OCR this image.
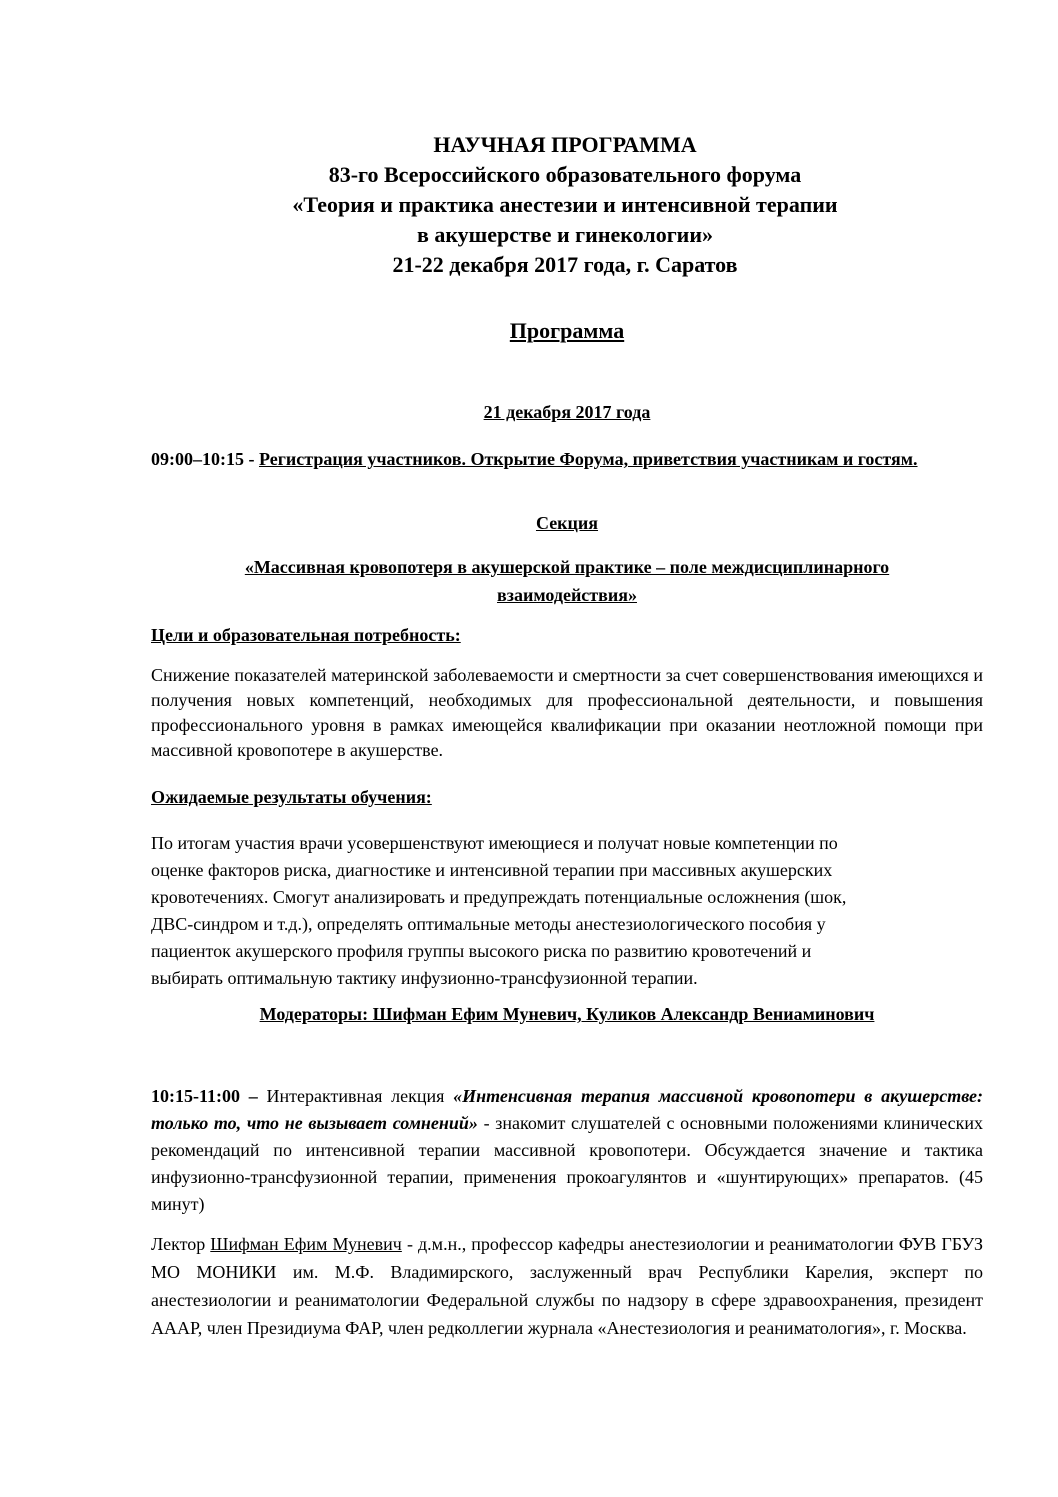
НАУЧНАЯ ПРОГРАММА
83-го Всероссийского образовательного форума
«Теория и практика анестезии и интенсивной терапии
в акушерстве и гинекологии»
21-22 декабря 2017 года, г. Саратов
Программа
21 декабря 2017 года
09:00–10:15 - Регистрация участников. Открытие Форума, приветствия участникам и гостям.
Секция
«Массивная кровопотеря в акушерской практике – поле междисциплинарного взаимодействия»
Цели и образовательная потребность:
Снижение показателей материнской заболеваемости и смертности за счет совершенствования имеющихся и получения новых компетенций, необходимых для профессиональной деятельности, и повышения профессионального уровня в рамках имеющейся квалификации при оказании неотложной помощи при массивной кровопотере в акушерстве.
Ожидаемые результаты обучения:
По итогам участия врачи усовершенствуют имеющиеся и получат новые компетенции по
оценке факторов риска, диагностике и интенсивной терапии при массивных акушерских
кровотечениях. Смогут анализировать и предупреждать потенциальные осложнения (шок,
ДВС-синдром и т.д.), определять оптимальные методы анестезиологического пособия у
пациенток акушерского профиля группы высокого риска по развитию кровотечений и
выбирать оптимальную тактику инфузионно-трансфузионной терапии.
Модераторы: Шифман Ефим Муневич, Куликов Александр Вениаминович
10:15-11:00 – Интерактивная лекция «Интенсивная терапия массивной кровопотери в акушерстве: только то, что не вызывает сомнений» - знакомит слушателей с основными положениями клинических рекомендаций по интенсивной терапии массивной кровопотери. Обсуждается значение и тактика инфузионно-трансфузионной терапии, применения прокоагулянтов и «шунтирующих» препаратов. (45 минут)
Лектор Шифман Ефим Муневич - д.м.н., профессор кафедры анестезиологии и реаниматологии ФУВ ГБУЗ МО МОНИКИ им. М.Ф. Владимирского, заслуженный врач Республики Карелия, эксперт по анестезиологии и реаниматологии Федеральной службы по надзору в сфере здравоохранения, президент АААР, член Президиума ФАР, член редколлегии журнала «Анестезиология и реаниматология», г. Москва.
